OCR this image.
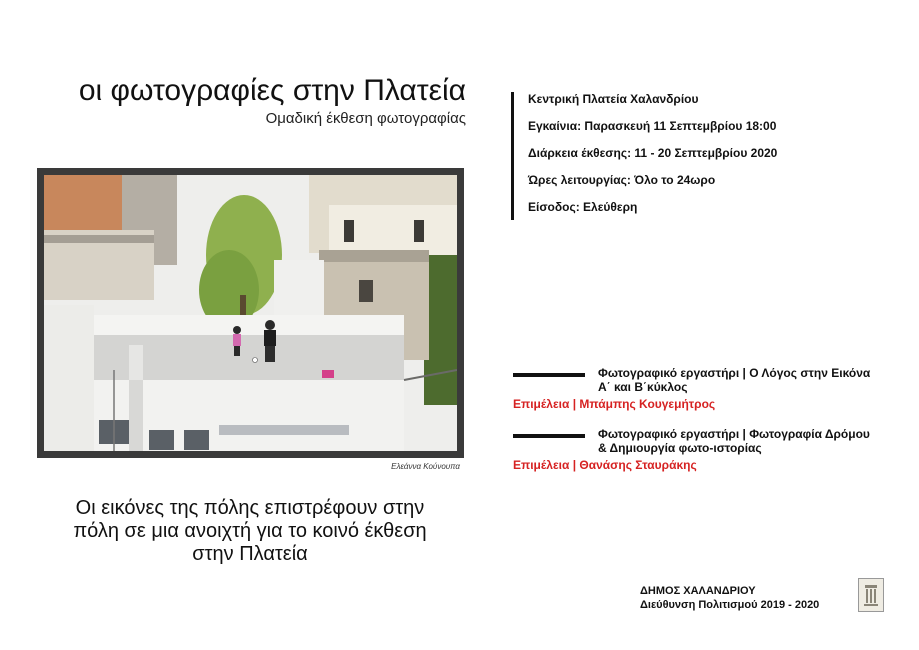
οι φωτογραφίες στην Πλατεία
Ομαδική έκθεση φωτογραφίας
Ελεάννα Κούνουπα
Οι εικόνες της πόλης επιστρέφουν στην
πόλη σε μια ανοιχτή για το κοινό έκθεση
στην Πλατεία
Κεντρική Πλατεία Χαλανδρίου
Εγκαίνια: Παρασκευή 11 Σεπτεμβρίου 18:00
Διάρκεια έκθεσης: 11 - 20 Σεπτεμβρίου 2020
Ώρες λειτουργίας: Όλο το 24ωρο
Είσοδος: Ελεύθερη
Φωτογραφικό εργαστήρι | Ο Λόγος στην Εικόνα
Α΄ και Β΄κύκλος
Επιμέλεια | Μπάμπης Κουγεμήτρος
Φωτογραφικό εργαστήρι | Φωτογραφία Δρόμου
& Δημιουργία φωτο-ιστορίας
Επιμέλεια | Θανάσης Σταυράκης
ΔΗΜΟΣ ΧΑΛΑΝΔΡΙΟΥ
Διεύθυνση Πολιτισμού 2019 - 2020
